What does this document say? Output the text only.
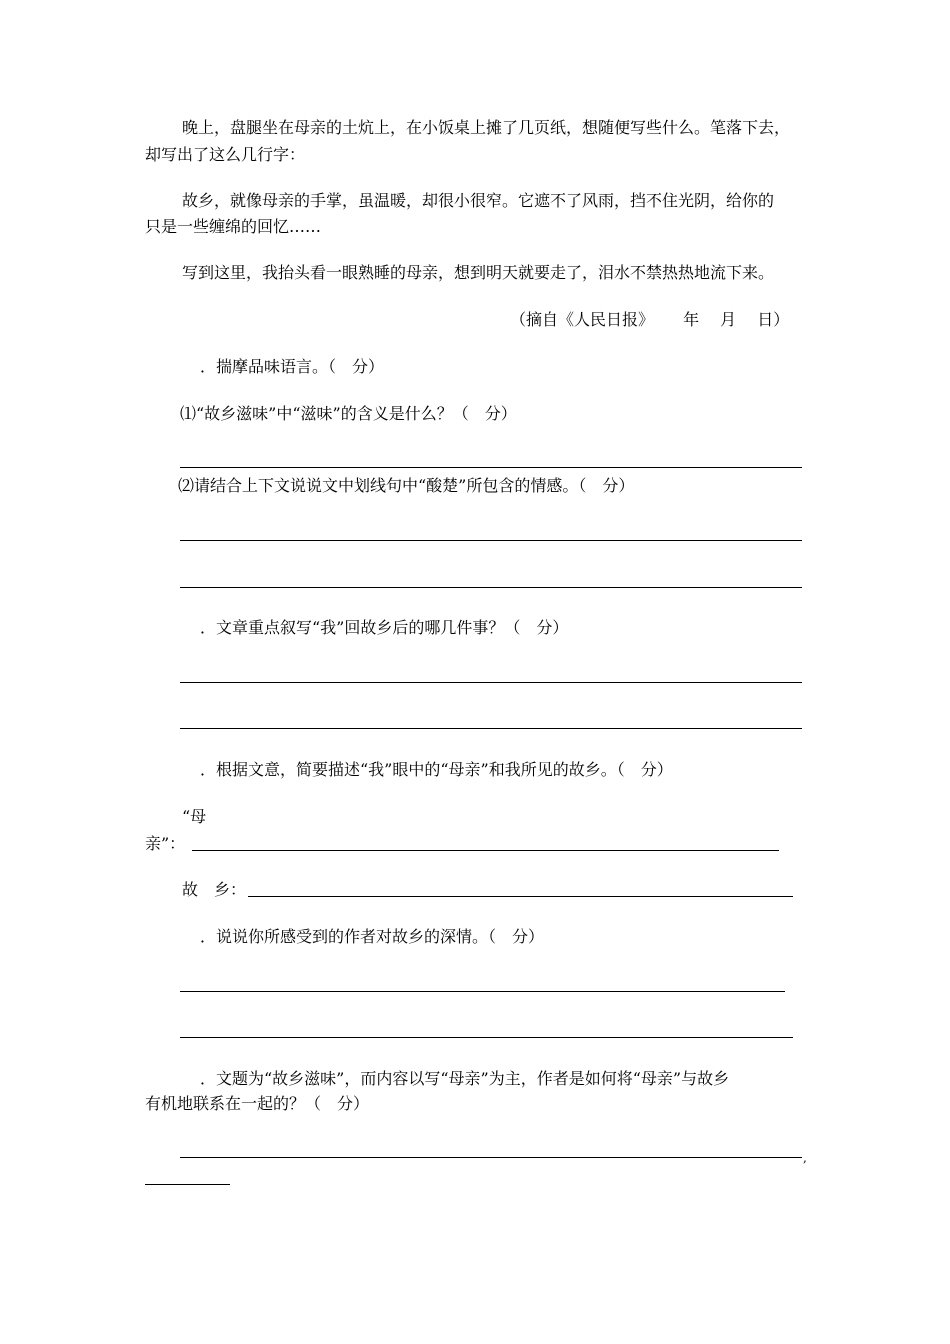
晚上，盘腿坐在母亲的土炕上，在小饭桌上摊了几页纸，想随便写些什么。笔落下去，
却写出了这么几行字：
故乡，就像母亲的手掌，虽温暖，却很小很窄。它遮不了风雨，挡不住光阴，给你的
只是一些缠绵的回忆……
写到这里，我抬头看一眼熟睡的母亲，想到明天就要走了，泪水不禁热热地流下来。
（摘自《人民日报》　　 年　 月　 日）
．揣摩品味语言。（　分）
⑴“故乡滋味”中“滋味”的含义是什么？（　分）
⑵请结合上下文说说文中划线句中“酸楚”所包含的情感。（　分）
．文章重点叙写“我”回故乡后的哪几件事？（　分）
．根据文意，简要描述“我”眼中的“母亲”和我所见的故乡。（　分）
“母
亲”：
故　乡：
．说说你所感受到的作者对故乡的深情。（　分）
．文题为“故乡滋味”，而内容以写“母亲”为主，作者是如何将“母亲”与故乡
有机地联系在一起的？（　分）
,
